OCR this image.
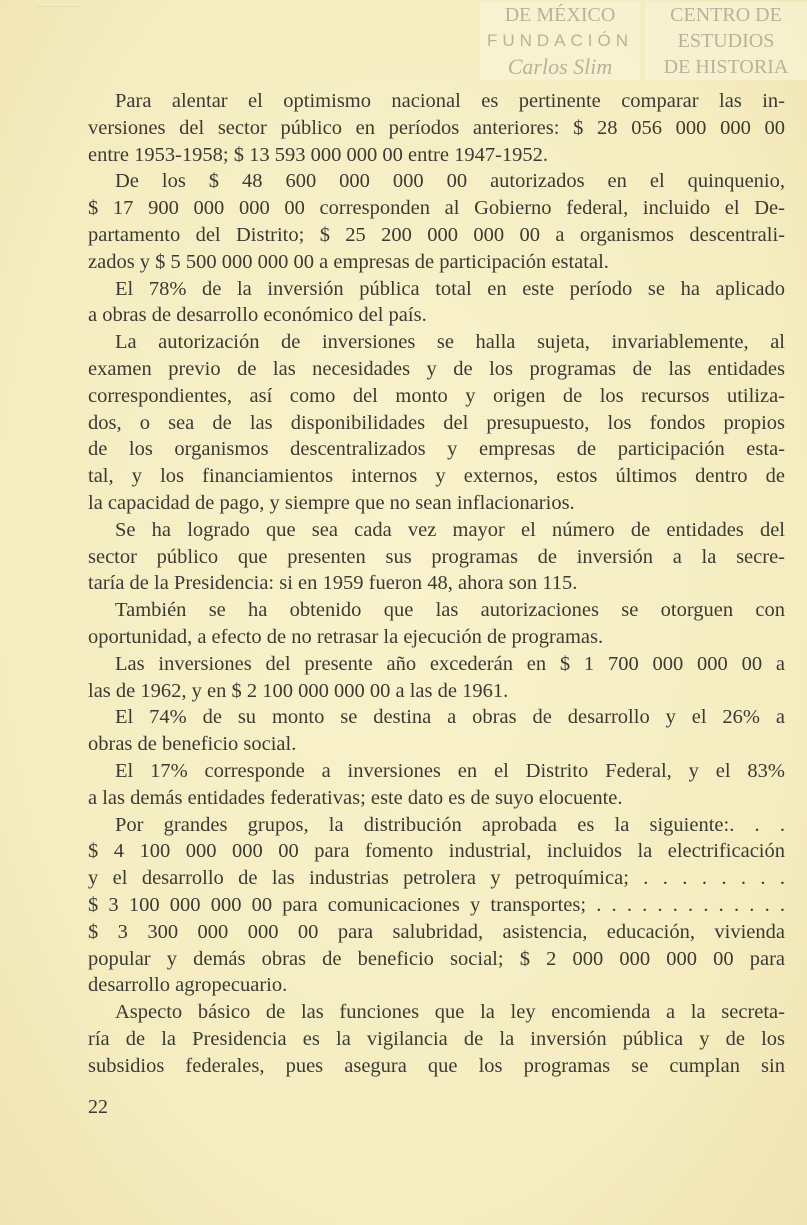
DE MÉXICO
FUNDACIÓN
Carlos Slim
CENTRO DE
ESTUDIOS
DE HISTORIA
Para alentar el optimismo nacional es pertinente comparar las in-
versiones del sector público en períodos anteriores: $ 28 056 000 000 00
entre 1953-1958; $ 13 593 000 000 00 entre 1947-1952.
De los $ 48 600 000 000 00 autorizados en el quinquenio,
$ 17 900 000 000 00 corresponden al Gobierno federal, incluido el De-
partamento del Distrito; $ 25 200 000 000 00 a organismos descentrali-
zados y $ 5 500 000 000 00 a empresas de participación estatal.
El 78% de la inversión pública total en este período se ha aplicado
a obras de desarrollo económico del país.
La autorización de inversiones se halla sujeta, invariablemente, al
examen previo de las necesidades y de los programas de las entidades
correspondientes, así como del monto y origen de los recursos utiliza-
dos, o sea de las disponibilidades del presupuesto, los fondos propios
de los organismos descentralizados y empresas de participación esta-
tal, y los financiamientos internos y externos, estos últimos dentro de
la capacidad de pago, y siempre que no sean inflacionarios.
Se ha logrado que sea cada vez mayor el número de entidades del
sector público que presenten sus programas de inversión a la secre-
taría de la Presidencia: si en 1959 fueron 48, ahora son 115.
También se ha obtenido que las autorizaciones se otorguen con
oportunidad, a efecto de no retrasar la ejecución de programas.
Las inversiones del presente año excederán en $ 1 700 000 000 00 a
las de 1962, y en $ 2 100 000 000 00 a las de 1961.
El 74% de su monto se destina a obras de desarrollo y el 26% a
obras de beneficio social.
El 17% corresponde a inversiones en el Distrito Federal, y el 83%
a las demás entidades federativas; este dato es de suyo elocuente.
Por grandes grupos, la distribución aprobada es la siguiente:. . .
$ 4 100 000 000 00 para fomento industrial, incluidos la electrificación
y el desarrollo de las industrias petrolera y petroquímica; . . . . . . . .
$ 3 100 000 000 00 para comunicaciones y transportes; . . . . . . . . . . . . .
$ 3 300 000 000 00 para salubridad, asistencia, educación, vivienda
popular y demás obras de beneficio social; $ 2 000 000 000 00 para
desarrollo agropecuario.
Aspecto básico de las funciones que la ley encomienda a la secreta-
ría de la Presidencia es la vigilancia de la inversión pública y de los
subsidios federales, pues asegura que los programas se cumplan sin
22
